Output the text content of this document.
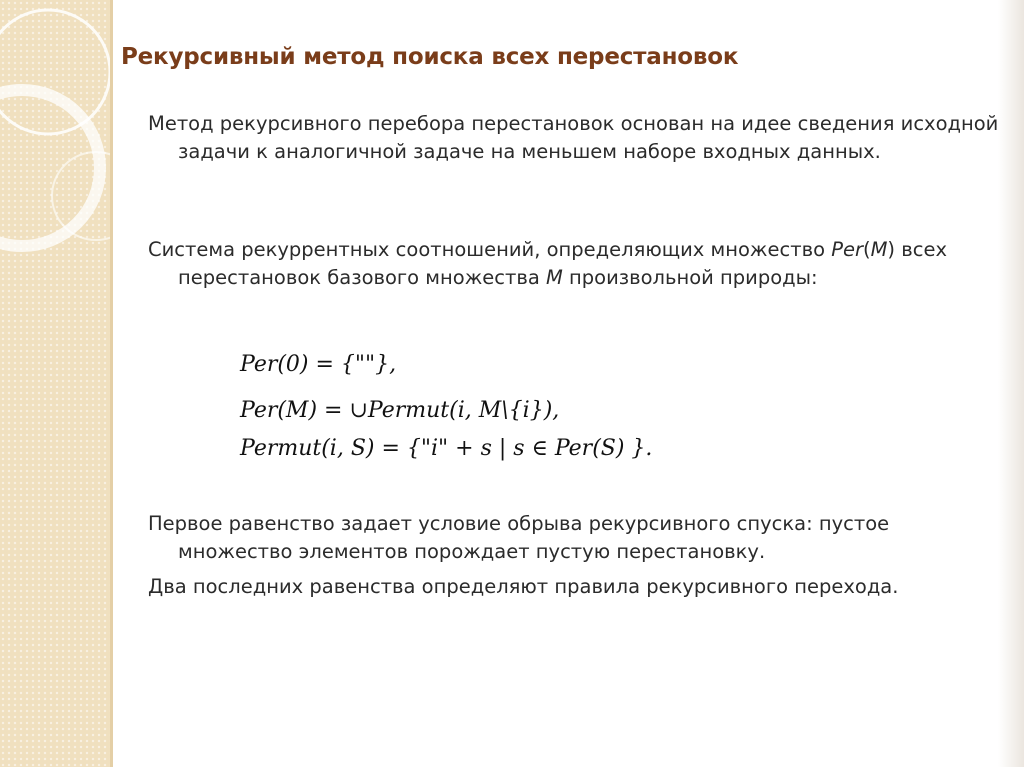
Рекурсивный метод поиска всех перестановок

Метод рекурсивного перебора перестановок основан на идее сведения исходной задачи к аналогичной задаче на меньшем наборе входных данных.

Система рекуррентных соотношений, определяющих множество Per(M) всех перестановок базового множества M произвольной природы:

Per(0) = {""},
Per(M) = ∪Permut(i, M\{i}),
Permut(i, S) = {"i" + s | s ∈ Per(S) }.

Первое равенство задает условие обрыва рекурсивного спуска: пустое множество элементов порождает пустую перестановку.

Два последних равенства определяют правила рекурсивного перехода.
